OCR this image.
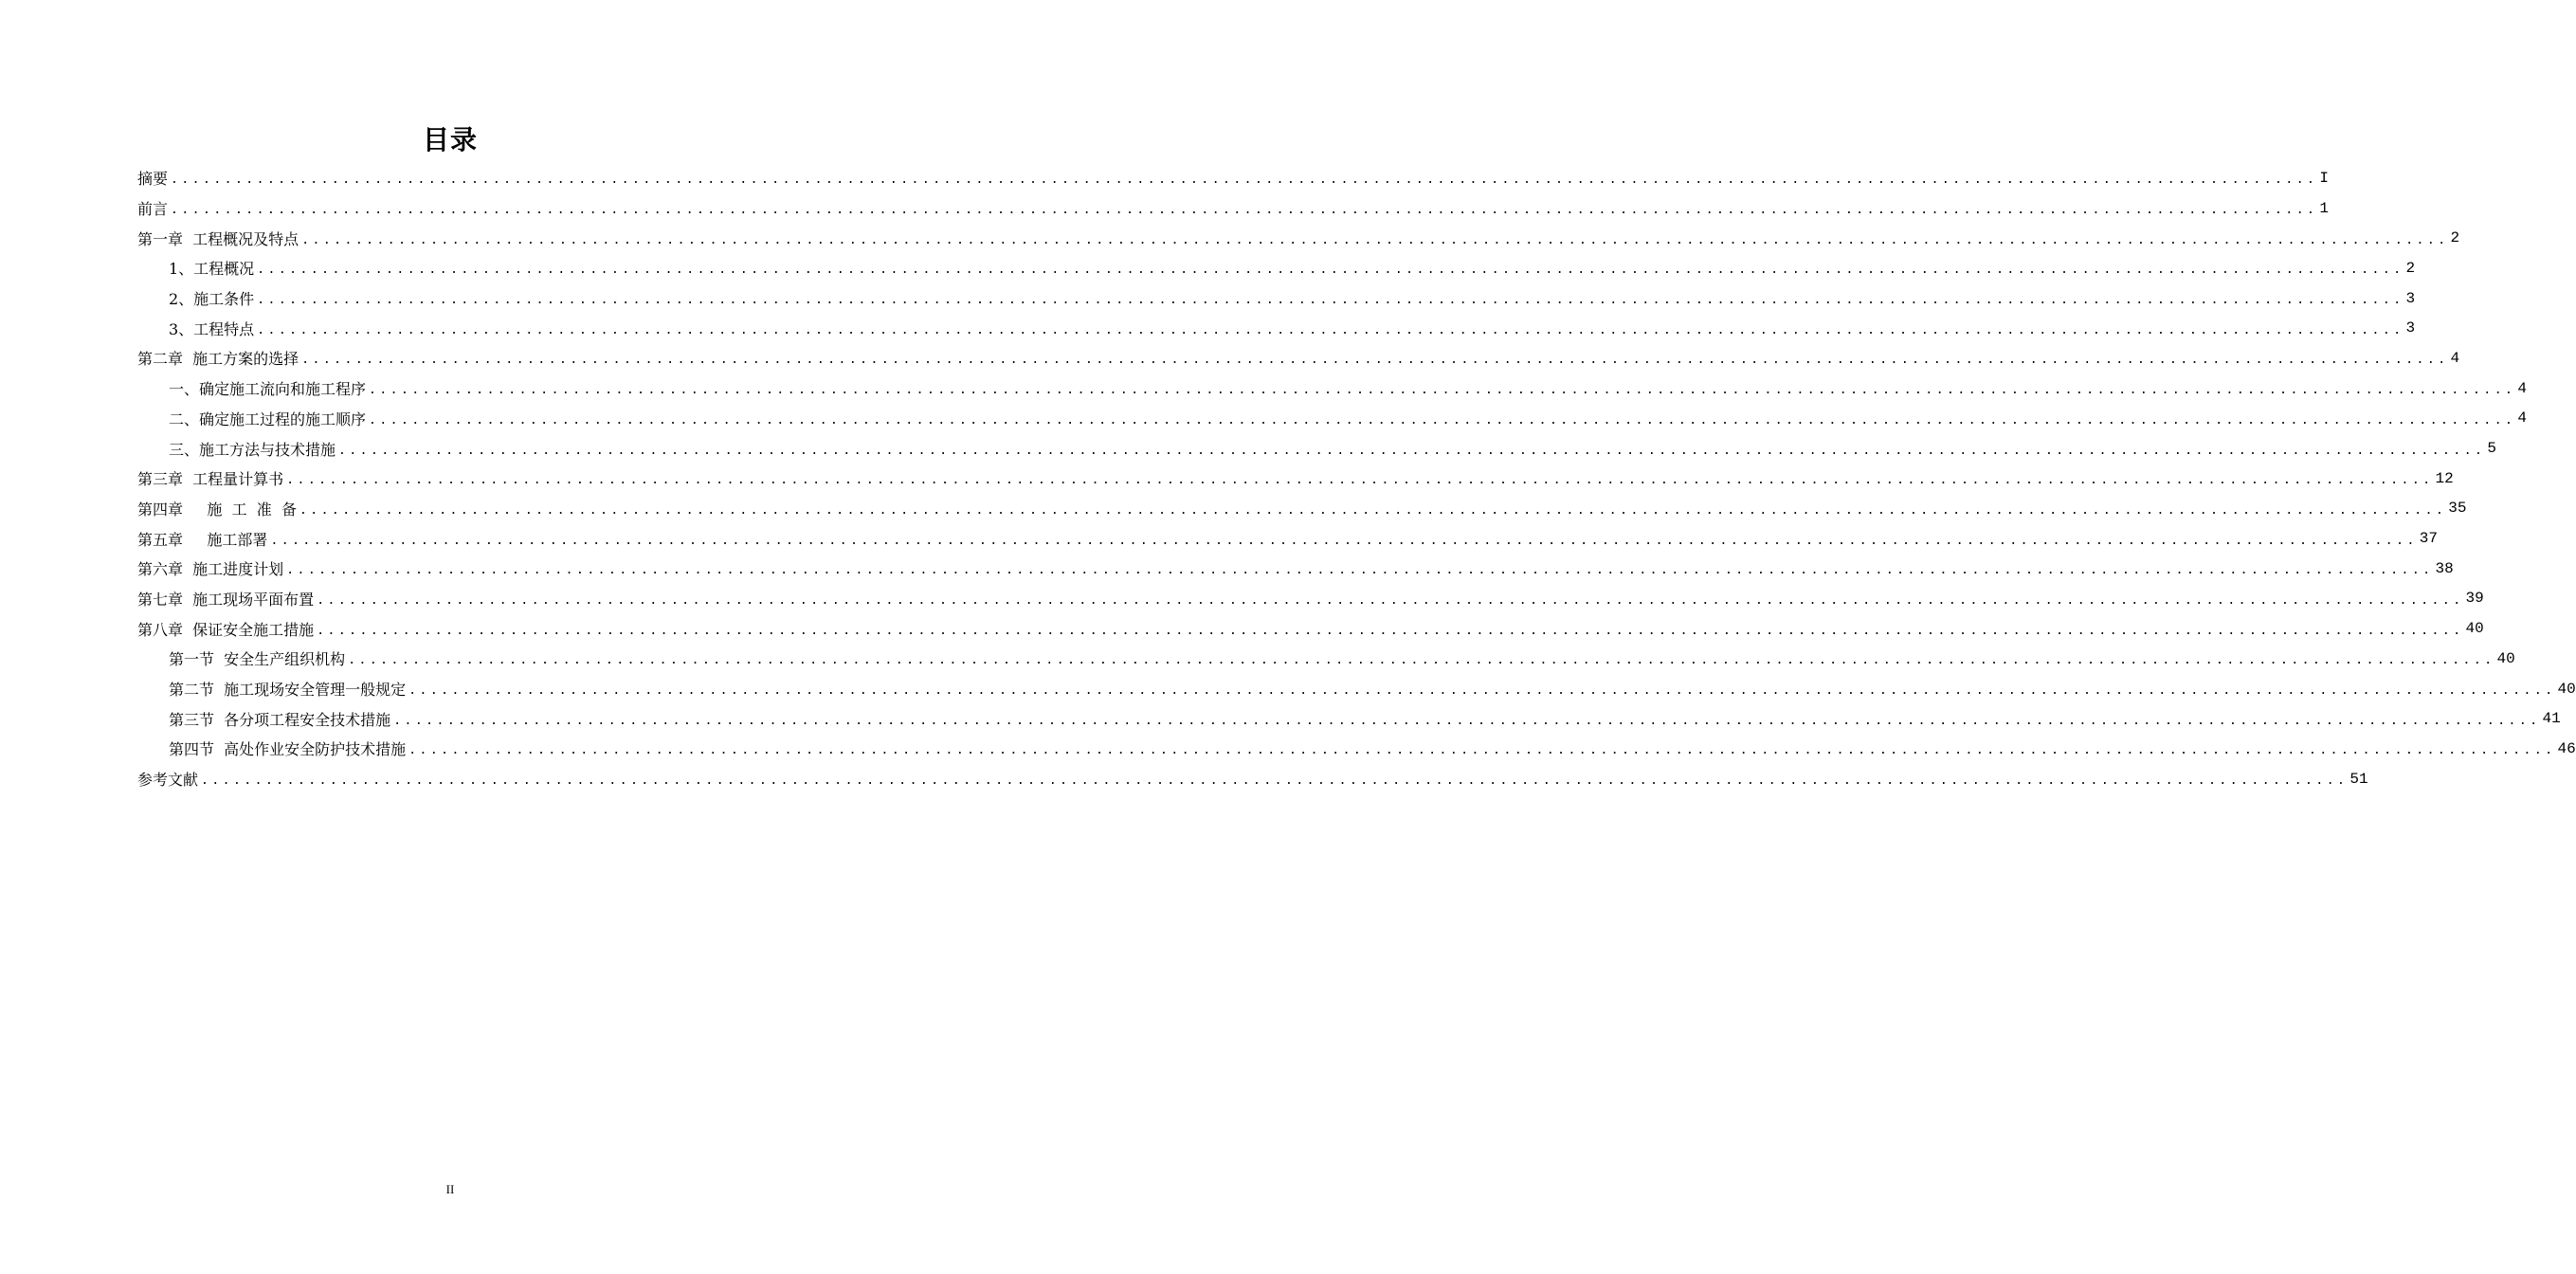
目录
摘要 ........................................................................................................................................................................................................ I
前言 ........................................................................................................................................................................................................ 1
第一章  工程概况及特点 ........................................................................................................................................................................................................ 2
1、工程概况 ........................................................................................................................................................................................................ 2
2、施工条件 ........................................................................................................................................................................................................ 3
3、工程特点 ........................................................................................................................................................................................................ 3
第二章  施工方案的选择 ........................................................................................................................................................................................................ 4
一、确定施工流向和施工程序 ........................................................................................................................................................................................................ 4
二、确定施工过程的施工顺序 ........................................................................................................................................................................................................ 4
三、施工方法与技术措施 ........................................................................................................................................................................................................ 5
第三章  工程量计算书 ........................................................................................................................................................................................................ 12
第四章     施  工  准  备 ........................................................................................................................................................................................................ 35
第五章     施工部署 ........................................................................................................................................................................................................ 37
第六章  施工进度计划 ........................................................................................................................................................................................................ 38
第七章  施工现场平面布置 ........................................................................................................................................................................................................ 39
第八章  保证安全施工措施 ........................................................................................................................................................................................................ 40
第一节  安全生产组织机构 ........................................................................................................................................................................................................ 40
第二节  施工现场安全管理一般规定 ........................................................................................................................................................................................................ 40
第三节  各分项工程安全技术措施 ........................................................................................................................................................................................................ 41
第四节  高处作业安全防护技术措施 ........................................................................................................................................................................................................ 46
参考文献 ........................................................................................................................................................................................................ 51
II
